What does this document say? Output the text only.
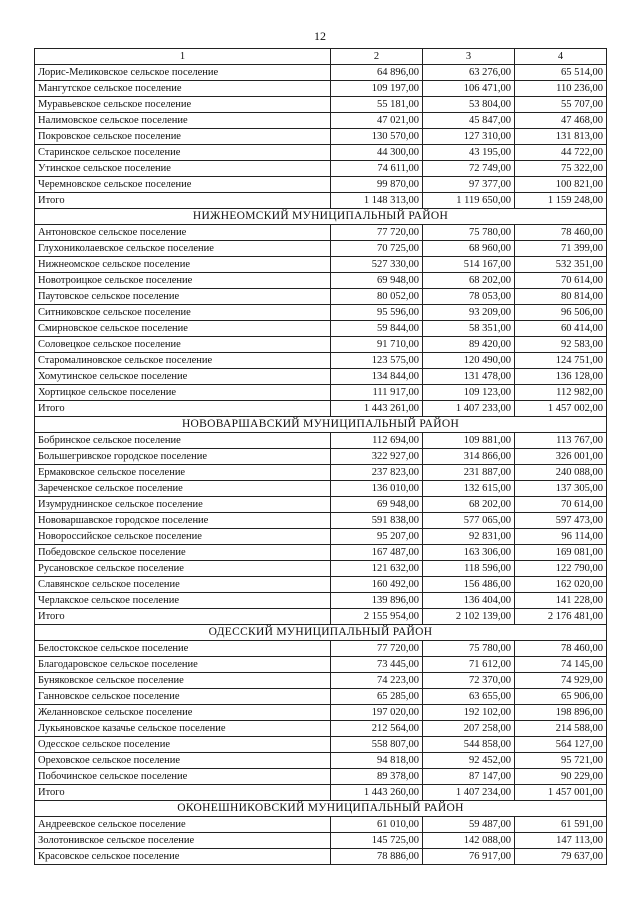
12
1	2	3	4
Лорис-Меликовское сельское поселение	64 896,00	63 276,00	65 514,00
Мангутское сельское поселение	109 197,00	106 471,00	110 236,00
Муравьевское сельское поселение	55 181,00	53 804,00	55 707,00
Налимовское сельское поселение	47 021,00	45 847,00	47 468,00
Покровское сельское поселение	130 570,00	127 310,00	131 813,00
Старинское сельское поселение	44 300,00	43 195,00	44 722,00
Утинское сельское поселение	74 611,00	72 749,00	75 322,00
Черемновское сельское поселение	99 870,00	97 377,00	100 821,00
Итого	1 148 313,00	1 119 650,00	1 159 248,00
НИЖНЕОМСКИЙ МУНИЦИПАЛЬНЫЙ РАЙОН			
Антоновское сельское поселение	77 720,00	75 780,00	78 460,00
Глухониколаевское сельское поселение	70 725,00	68 960,00	71 399,00
Нижнеомское сельское поселение	527 330,00	514 167,00	532 351,00
Новотроицкое сельское поселение	69 948,00	68 202,00	70 614,00
Паутовское сельское поселение	80 052,00	78 053,00	80 814,00
Ситниковское сельское поселение	95 596,00	93 209,00	96 506,00
Смирновское сельское поселение	59 844,00	58 351,00	60 414,00
Соловецкое сельское поселение	91 710,00	89 420,00	92 583,00
Старомалиновское сельское поселение	123 575,00	120 490,00	124 751,00
Хомутинское сельское поселение	134 844,00	131 478,00	136 128,00
Хортицкое сельское поселение	111 917,00	109 123,00	112 982,00
Итого	1 443 261,00	1 407 233,00	1 457 002,00
НОВОВАРШАВСКИЙ МУНИЦИПАЛЬНЫЙ РАЙОН			
Бобринское сельское поселение	112 694,00	109 881,00	113 767,00
Большегривское городское поселение	322 927,00	314 866,00	326 001,00
Ермаковское сельское поселение	237 823,00	231 887,00	240 088,00
Зареченское сельское поселение	136 010,00	132 615,00	137 305,00
Изумруднинское сельское поселение	69 948,00	68 202,00	70 614,00
Нововаршавское городское поселение	591 838,00	577 065,00	597 473,00
Новороссийское сельское поселение	95 207,00	92 831,00	96 114,00
Победовское сельское поселение	167 487,00	163 306,00	169 081,00
Русановское сельское поселение	121 632,00	118 596,00	122 790,00
Славянское сельское поселение	160 492,00	156 486,00	162 020,00
Черлакское сельское поселение	139 896,00	136 404,00	141 228,00
Итого	2 155 954,00	2 102 139,00	2 176 481,00
ОДЕССКИЙ МУНИЦИПАЛЬНЫЙ РАЙОН			
Белостокское сельское поселение	77 720,00	75 780,00	78 460,00
Благодаровское сельское поселение	73 445,00	71 612,00	74 145,00
Буняковское сельское поселение	74 223,00	72 370,00	74 929,00
Ганновское сельское поселение	65 285,00	63 655,00	65 906,00
Желанновское сельское поселение	197 020,00	192 102,00	198 896,00
Лукьяновское казачье сельское поселение	212 564,00	207 258,00	214 588,00
Одесское сельское поселение	558 807,00	544 858,00	564 127,00
Ореховское сельское поселение	94 818,00	92 452,00	95 721,00
Побочинское сельское поселение	89 378,00	87 147,00	90 229,00
Итого	1 443 260,00	1 407 234,00	1 457 001,00
ОКОНЕШНИКОВСКИЙ МУНИЦИПАЛЬНЫЙ РАЙОН			
Андреевское сельское поселение	61 010,00	59 487,00	61 591,00
Золотонивское сельское поселение	145 725,00	142 088,00	147 113,00
Красовское сельское поселение	78 886,00	76 917,00	79 637,00
